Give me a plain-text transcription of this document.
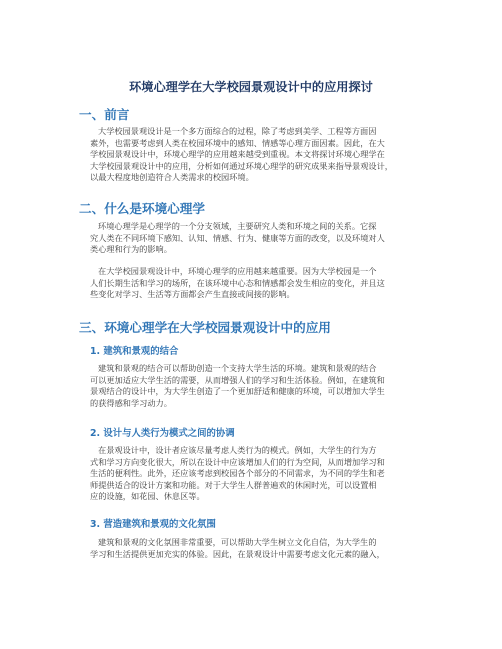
环境心理学在大学校园景观设计中的应用探讨
一、前言
大学校园景观设计是一个多方面综合的过程，除了考虑到美学、工程等方面因
素外，也需要考虑到人类在校园环境中的感知、情感等心理方面因素。因此，在大
学校园景观设计中，环境心理学的应用越来越受到重视。本文将探讨环境心理学在
大学校园景观设计中的应用，分析如何通过环境心理学的研究成果来指导景观设计，
以最大程度地创造符合人类需求的校园环境。
二、什么是环境心理学
环境心理学是心理学的一个分支领域，主要研究人类和环境之间的关系。它探
究人类在不同环境下感知、认知、情感、行为、健康等方面的改变，以及环境对人
类心理和行为的影响。
在大学校园景观设计中，环境心理学的应用越来越重要。因为大学校园是一个
人们长期生活和学习的场所，在该环境中心态和情感都会发生相应的变化，并且这
些变化对学习、生活等方面都会产生直接或间接的影响。
三、环境心理学在大学校园景观设计中的应用
1. 建筑和景观的结合
建筑和景观的结合可以帮助创造一个支持大学生活的环境。建筑和景观的结合
可以更加适应大学生活的需要，从而增强人们的学习和生活体验。例如，在建筑和
景观结合的设计中，为大学生创造了一个更加舒适和健康的环境，可以增加大学生
的获得感和学习动力。
2. 设计与人类行为模式之间的协调
在景观设计中，设计者应该尽量考虑人类行为的模式。例如，大学生的行为方
式和学习方向变化很大，所以在设计中应该增加人们的行为空间，从而增加学习和
生活的便利性。此外，还应该考虑到校园各个部分的不同需求，为不同的学生和老
师提供适合的设计方案和功能。对于大学生人群普遍欢的休闲时光，可以设置相
应的设施，如花园、休息区等。
3. 营造建筑和景观的文化氛围
建筑和景观的文化氛围非常重要，可以帮助大学生树立文化自信，为大学生的
学习和生活提供更加充实的体验。因此，在景观设计中需要考虑文化元素的融入，
